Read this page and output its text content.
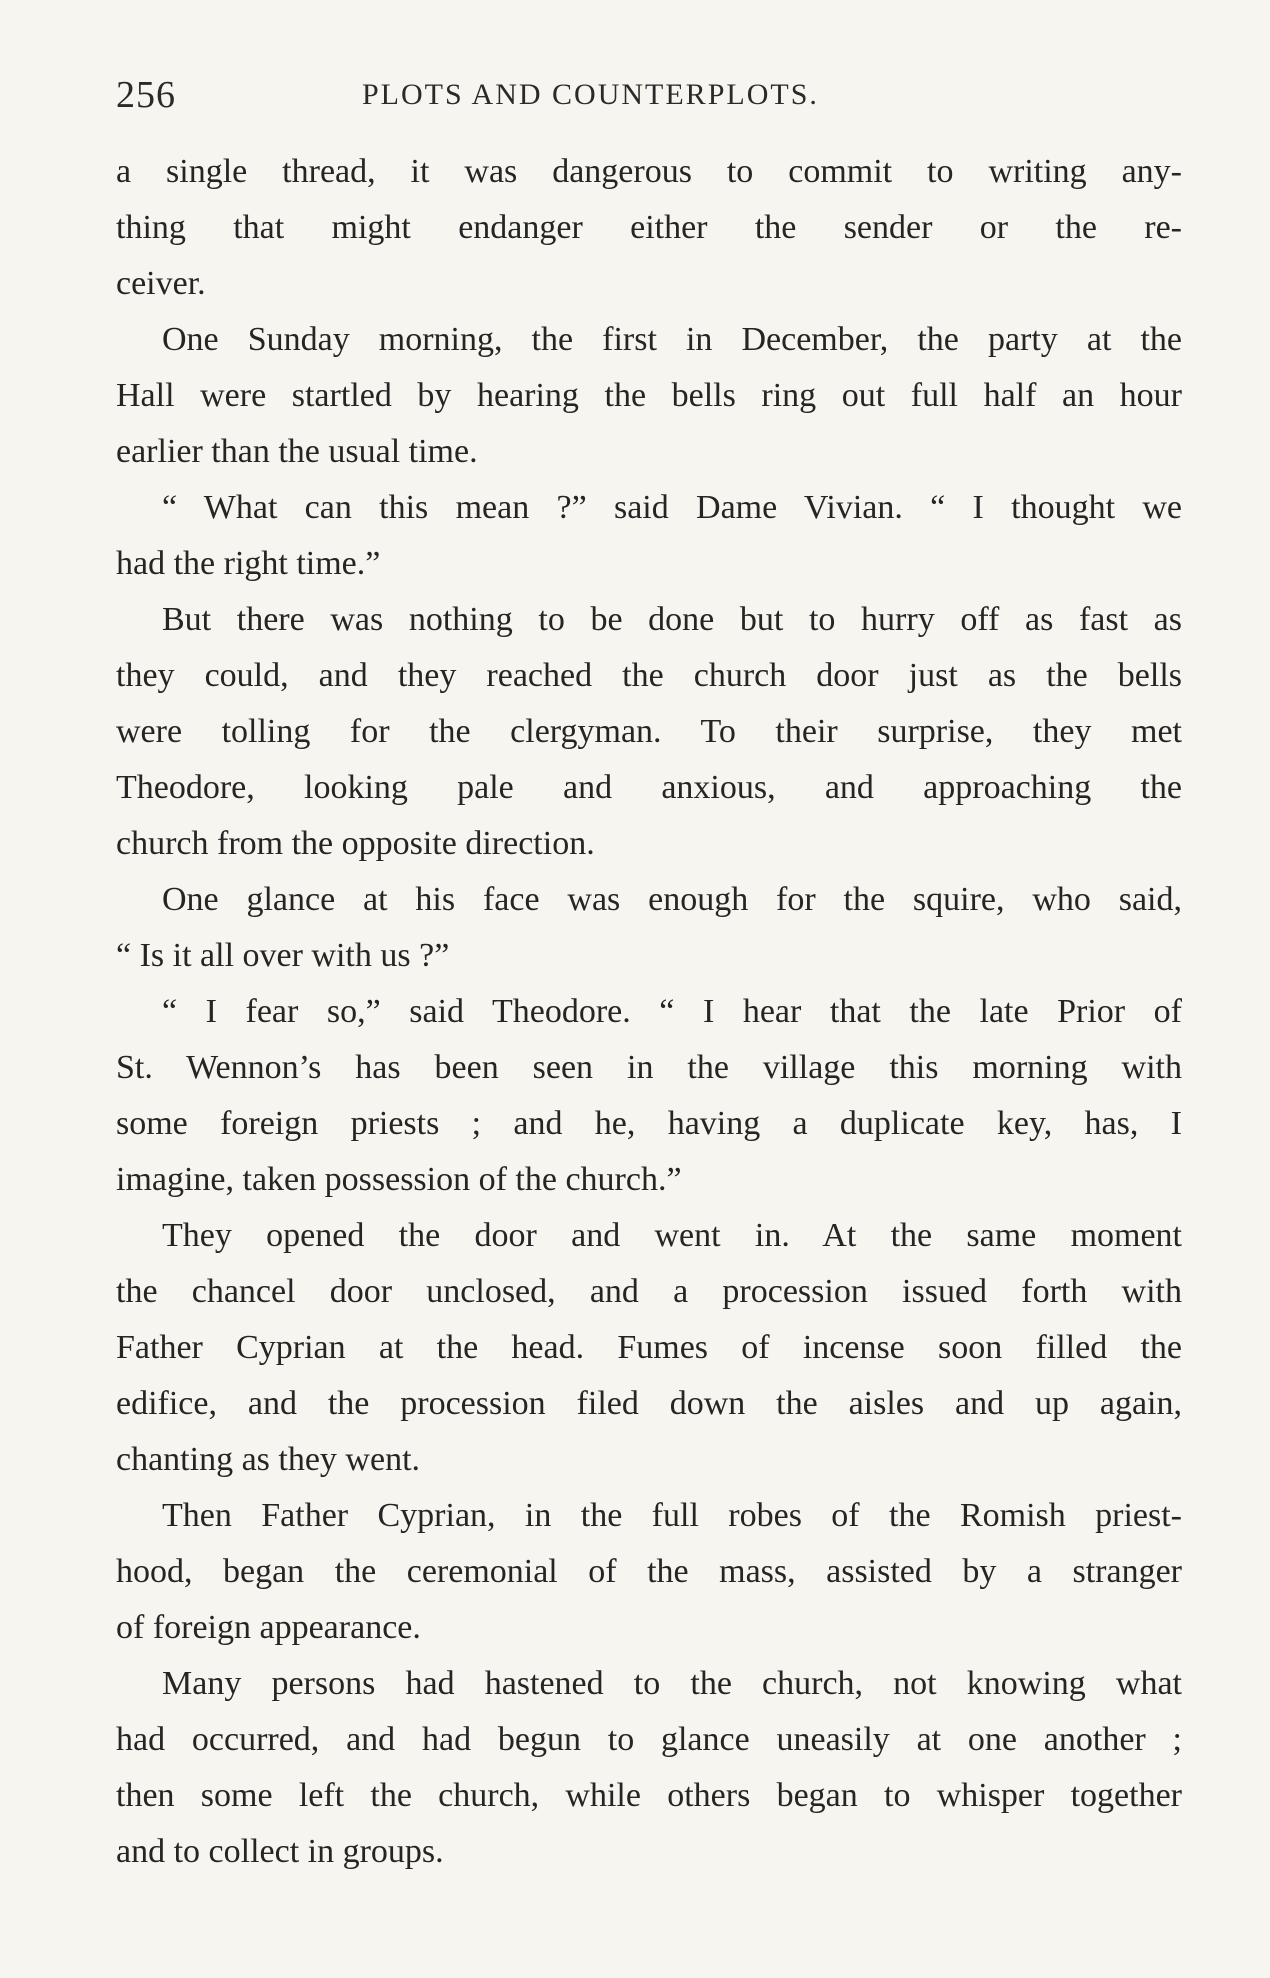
256	PLOTS AND COUNTERPLOTS.
a single thread, it was dangerous to commit to writing any-
thing that might endanger either the sender or the re-
ceiver.
One Sunday morning, the first in December, the party at the
Hall were startled by hearing the bells ring out full half an hour
earlier than the usual time.
“ What can this mean ?” said Dame Vivian. “ I thought we
had the right time.”
But there was nothing to be done but to hurry off as fast as
they could, and they reached the church door just as the bells
were tolling for the clergyman. To their surprise, they met
Theodore, looking pale and anxious, and approaching the
church from the opposite direction.
One glance at his face was enough for the squire, who said,
“ Is it all over with us ?”
“ I fear so,” said Theodore. “ I hear that the late Prior of
St. Wennon’s has been seen in the village this morning with
some foreign priests ; and he, having a duplicate key, has, I
imagine, taken possession of the church.”
They opened the door and went in. At the same moment
the chancel door unclosed, and a procession issued forth with
Father Cyprian at the head. Fumes of incense soon filled the
edifice, and the procession filed down the aisles and up again,
chanting as they went.
Then Father Cyprian, in the full robes of the Romish priest-
hood, began the ceremonial of the mass, assisted by a stranger
of foreign appearance.
Many persons had hastened to the church, not knowing what
had occurred, and had begun to glance uneasily at one another ;
then some left the church, while others began to whisper together
and to collect in groups.
